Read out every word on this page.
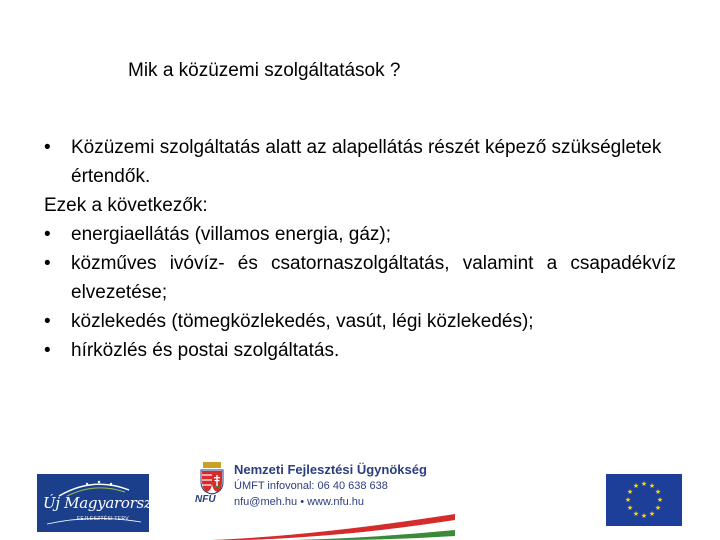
Mik a közüzemi szolgáltatások ?

• Közüzemi szolgáltatás alatt az alapellátás részét képező szükségletek értendők.

Ezek a következők:

• energiaellátás (villamos energia, gáz);

• közműves ivóvíz- és csatornaszolgáltatás, valamint a csapadékvíz elvezetése;

• közlekedés (tömegközlekedés, vasút, légi közlekedés);

• hírközlés és postai szolgáltatás.

Új Magyarország
FEJLESZTÉSI TERV
NFÜ
Nemzeti Fejlesztési Ügynökség
ÚMFT infovonal: 06 40 638 638
nfu@meh.hu • www.nfu.hu
★ ★
★
★
★
★
★
★
★
★
★
★
